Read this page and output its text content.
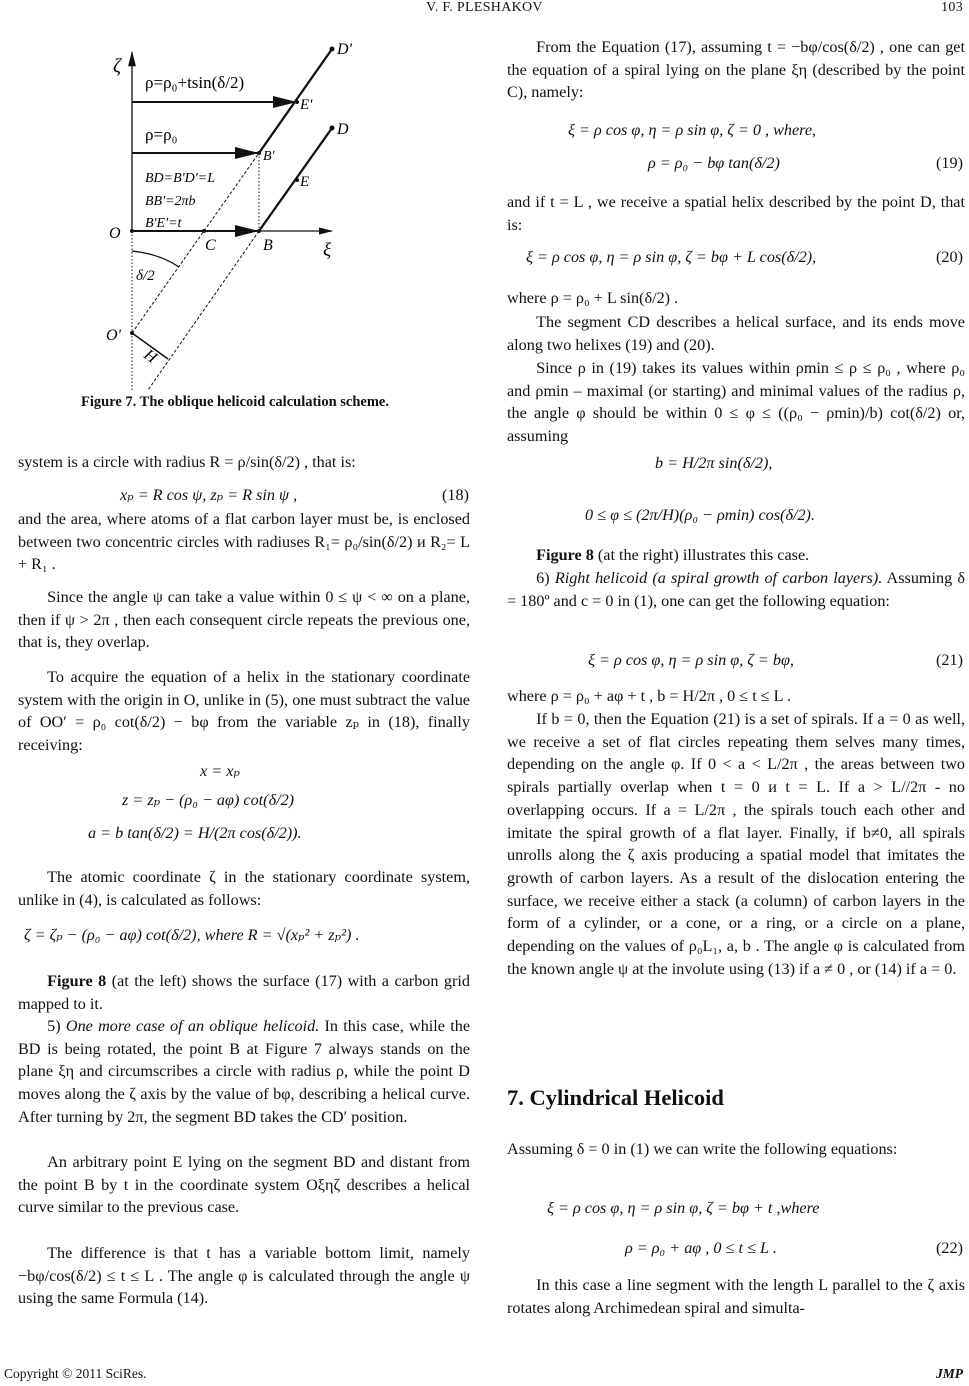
V. F. PLESHAKOV	103
ζ
ξ
O
O'
C	B
B'
D'
E'
D
E
H
δ/2
ρ=ρ₀+tsin(δ/2)
ρ=ρ₀
BD=B'D'=L
BB'=2πb
B'E'=t
Figure 7. The oblique helicoid calculation scheme.
system is a circle with radius R = ρ/sin(δ/2) , that is:
xₚ = R cos ψ, zₚ = R sin ψ ,	(18)
and the area, where atoms of a flat carbon layer must be, is enclosed between two concentric circles with radiuses R₁= ρ₀/sin(δ/2) и R₂= L + R₁ .
Since the angle ψ can take a value within 0 ≤ ψ < ∞ on a plane, then if ψ > 2π , then each consequent circle repeats the previous one, that is, they overlap.
To acquire the equation of a helix in the stationary coordinate system with the origin in O, unlike in (5), one must subtract the value of OO′ = ρ₀ cot(δ/2) − bφ from the variable zₚ in (18), finally receiving:
x = xₚ
z = zₚ − (ρ₀ − aφ) cot(δ/2)
a = b tan(δ/2) = H/(2π cos(δ/2)).
The atomic coordinate ζ in the stationary coordinate system, unlike in (4), is calculated as follows:
ζ = ζₚ − (ρ₀ − aφ) cot(δ/2), where R = √(xₚ² + zₚ²) .
Figure 8 (at the left) shows the surface (17) with a carbon grid mapped to it.
5) One more case of an oblique helicoid. In this case, while the BD is being rotated, the point B at Figure 7 always stands on the plane ξη and circumscribes a circle with radius ρ, while the point D moves along the ζ axis by the value of bφ, describing a helical curve. After turning by 2π, the segment BD takes the CD′ position.
An arbitrary point E lying on the segment BD and distant from the point B by t in the coordinate system Oξηζ describes a helical curve similar to the previous case.
The difference is that t has a variable bottom limit, namely −bφ/cos(δ/2) ≤ t ≤ L . The angle φ is calculated through the angle ψ using the same Formula (14).
From the Equation (17), assuming t = −bφ/cos(δ/2) , one can get the equation of a spiral lying on the plane ξη (described by the point C), namely:
ξ = ρ cos φ, η = ρ sin φ, ζ = 0 , where,
ρ = ρ₀ − bφ tan(δ/2)	(19)
and if t = L , we receive a spatial helix described by the point D, that is:
ξ = ρ cos φ, η = ρ sin φ, ζ = bφ + L cos(δ/2),	(20)
where ρ = ρ₀ + L sin(δ/2) .
The segment CD describes a helical surface, and its ends move along two helixes (19) and (20).
Since ρ in (19) takes its values within ρmin ≤ ρ ≤ ρ₀ , where ρ₀ and ρmin – maximal (or starting) and minimal values of the radius ρ, the angle φ should be within 0 ≤ φ ≤ ((ρ₀ − ρmin)/b) cot(δ/2) or, assuming
b = H/2π sin(δ/2),
0 ≤ φ ≤ (2π/H)(ρ₀ − ρmin) cos(δ/2).
Figure 8 (at the right) illustrates this case.
6) Right helicoid (a spiral growth of carbon layers). Assuming δ = 180º and c = 0 in (1), one can get the following equation:
ξ = ρ cos φ, η = ρ sin φ, ζ = bφ,	(21)
where ρ = ρ₀ + aφ + t , b = H/2π , 0 ≤ t ≤ L .
If b = 0, then the Equation (21) is a set of spirals. If a = 0 as well, we receive a set of flat circles repeating them selves many times, depending on the angle φ. If 0 < a < L/2π , the areas between two spirals partially overlap when t = 0 и t = L. If a > L//2π - no overlapping occurs. If a = L/2π , the spirals touch each other and imitate the spiral growth of a flat layer. Finally, if b≠0, all spirals unrolls along the ζ axis producing a spatial model that imitates the growth of carbon layers. As a result of the dislocation entering the surface, we receive either a stack (a column) of carbon layers in the form of a cylinder, or a cone, or a ring, or a circle on a plane, depending on the values of ρ₀L₁, a, b . The angle φ is calculated from the known angle ψ at the involute using (13) if a ≠ 0 , or (14) if a = 0.
7. Cylindrical Helicoid
Assuming δ = 0 in (1) we can write the following equations:
ξ = ρ cos φ, η = ρ sin φ, ζ = bφ + t ,where
ρ = ρ₀ + aφ , 0 ≤ t ≤ L .	(22)
In this case a line segment with the length L parallel to the ζ axis rotates along Archimedean spiral and simulta-
Copyright © 2011 SciRes.	JMP
